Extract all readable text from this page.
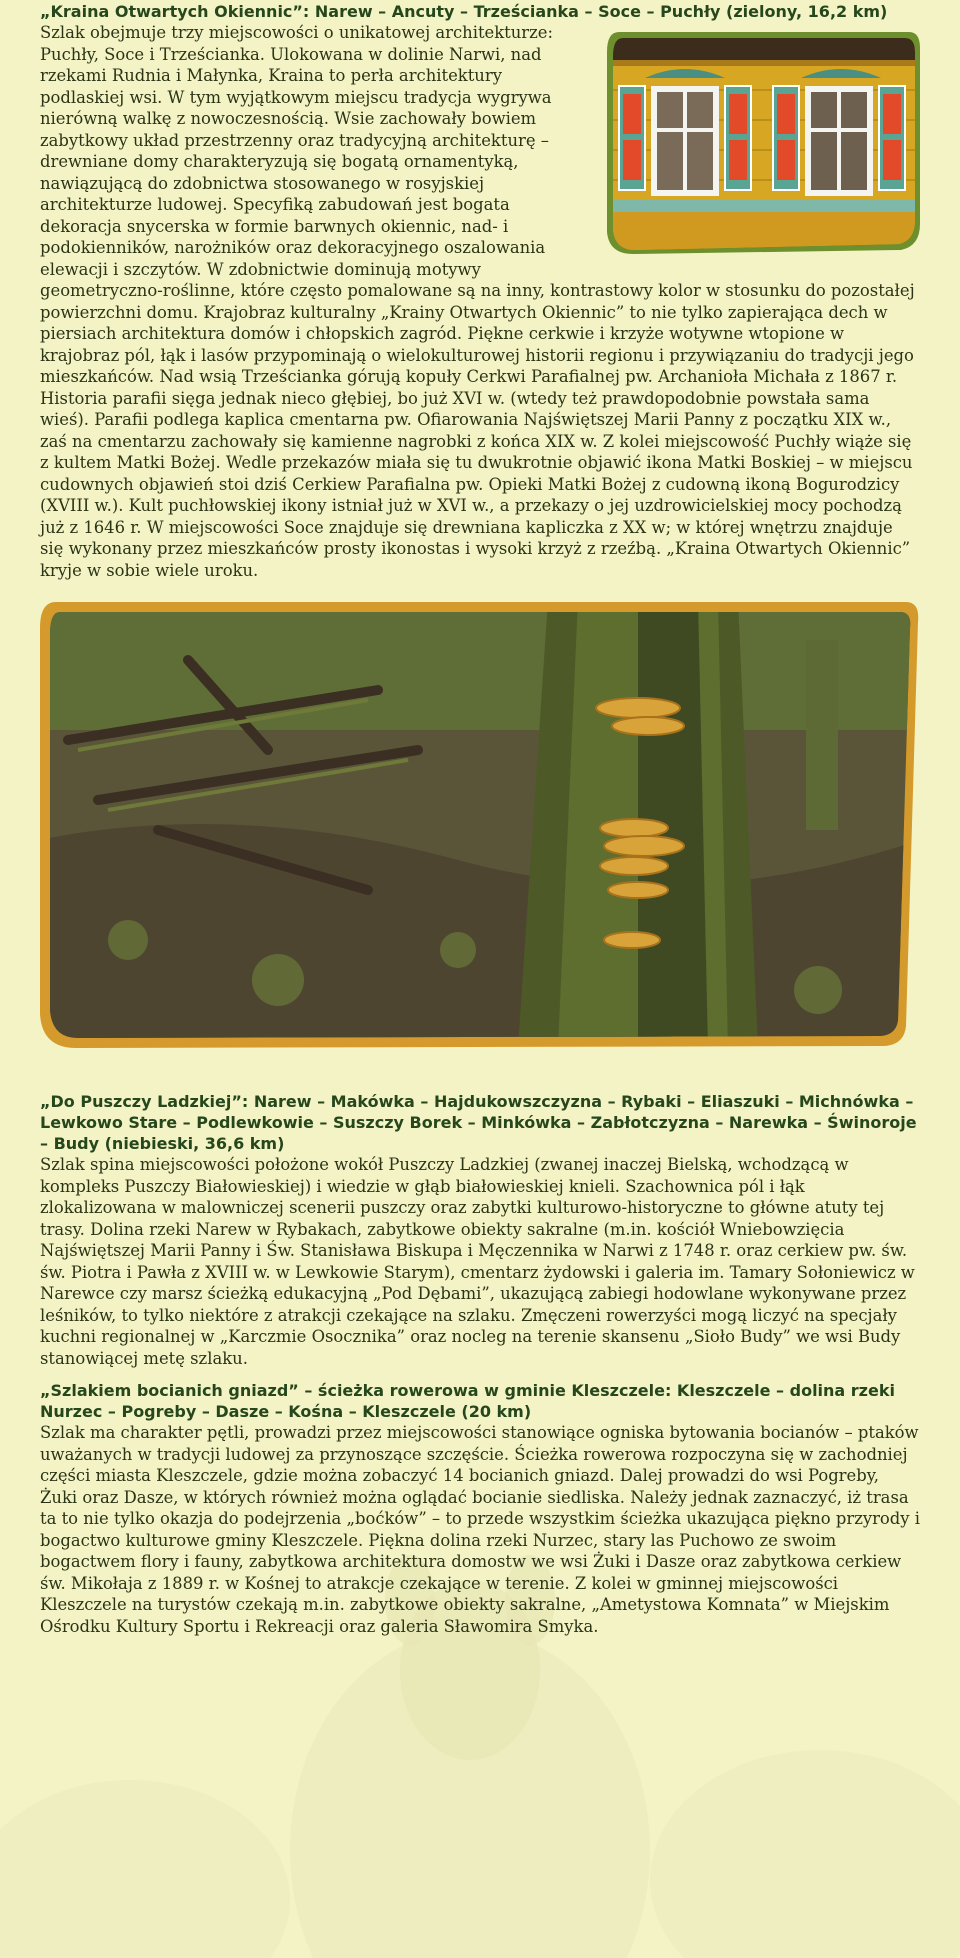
„Kraina Otwartych Okiennic”: Narew – Ancuty – Trześcianka – Soce – Puchły (zielony, 16,2 km)

Szlak obejmuje trzy miejscowości o unikatowej architekturze: Puchły, Soce i Trześcianka. Ulokowana w dolinie Narwi, nad rzekami Rudnia i Małynka, Kraina to perła architektury podlaskiej wsi. W tym wyjątkowym miejscu tradycja wygrywa nierówną walkę z nowoczesnością. Wsie zachowały bowiem zabytkowy układ przestrzenny oraz tradycyjną architekturę – drewniane domy charakteryzują się bogatą ornamentyką, nawiązującą do zdobnictwa stosowanego w rosyjskiej architekturze ludowej. Specyfiką zabudowań jest bogata dekoracja snycerska w formie barwnych okiennic, nad- i podokienników, narożników oraz dekoracyjnego oszalowania elewacji i szczytów. W zdobnictwie dominują motywy geometryczno-roślinne, które często pomalowane są na inny, kontrastowy kolor w stosunku do pozostałej powierzchni domu. Krajobraz kulturalny „Krainy Otwartych Okiennic” to nie tylko zapierająca dech w piersiach architektura domów i chłopskich zagród. Piękne cerkwie i krzyże wotywne wtopione w krajobraz pól, łąk i lasów przypominają o wielokulturowej historii regionu i przywiązaniu do tradycji jego mieszkańców. Nad wsią Trześcianka górują kopuły Cerkwi Parafialnej pw. Archanioła Michała z 1867 r. Historia parafii sięga jednak nieco głębiej, bo już XVI w. (wtedy też prawdopodobnie powstała sama wieś). Parafii podlega kaplica cmentarna pw. Ofiarowania Najświętszej Marii Panny z początku XIX w., zaś na cmentarzu zachowały się kamienne nagrobki z końca XIX w. Z kolei miejscowość Puchły wiąże się z kultem Matki Bożej. Wedle przekazów miała się tu dwukrotnie objawić ikona Matki Boskiej – w miejscu cudownych objawień stoi dziś Cerkiew Parafialna pw. Opieki Matki Bożej z cudowną ikoną Bogurodzicy (XVIII w.). Kult puchłowskiej ikony istniał już w XVI w., a przekazy o jej uzdrowicielskiej mocy pochodzą już z 1646 r. W miejscowości Soce znajduje się drewniana kapliczka z XX w; w której wnętrzu znajduje się wykonany przez mieszkańców prosty ikonostas i wysoki krzyż z rzeźbą. „Kraina Otwartych Okiennic” kryje w sobie wiele uroku.

„Do Puszczy Ladzkiej”: Narew – Makówka – Hajdukowszczyzna – Rybaki – Eliaszuki – Michnówka – Lewkowo Stare – Podlewkowie – Suszczy Borek – Minkówka – Zabłotczyzna – Narewka – Świnoroje – Budy (niebieski, 36,6 km)

Szlak spina miejscowości położone wokół Puszczy Ladzkiej (zwanej inaczej Bielską, wchodzącą w kompleks Puszczy Białowieskiej) i wiedzie w głąb białowieskiej knieli. Szachownica pól i łąk zlokalizowana w malowniczej scenerii puszczy oraz zabytki kulturowo-historyczne to główne atuty tej trasy. Dolina rzeki Narew w Rybakach, zabytkowe obiekty sakralne (m.in. kościół Wniebowzięcia Najświętszej Marii Panny i Św. Stanisława Biskupa i Męczennika w Narwi z 1748 r. oraz cerkiew pw. św. św. Piotra i Pawła z XVIII w. w Lewkowie Starym), cmentarz żydowski i galeria im. Tamary Sołoniewicz w Narewce czy marsz ścieżką edukacyjną „Pod Dębami”, ukazującą zabiegi hodowlane wykonywane przez leśników, to tylko niektóre z atrakcji czekające na szlaku. Zmęczeni rowerzyści mogą liczyć na specjały kuchni regionalnej w „Karczmie Osocznika” oraz nocleg na terenie skansenu „Sioło Budy” we wsi Budy stanowiącej metę szlaku.

„Szlakiem bocianich gniazd” – ścieżka rowerowa w gminie Kleszczele: Kleszczele – dolina rzeki Nurzec – Pogreby – Dasze – Kośna – Kleszczele (20 km)

Szlak ma charakter pętli, prowadzi przez miejscowości stanowiące ogniska bytowania bocianów – ptaków uważanych w tradycji ludowej za przynoszące szczęście. Ścieżka rowerowa rozpoczyna się w zachodniej części miasta Kleszczele, gdzie można zobaczyć 14 bocianich gniazd. Dalej prowadzi do wsi Pogreby, Żuki oraz Dasze, w których również można oglądać bocianie siedliska. Należy jednak zaznaczyć, iż trasa ta to nie tylko okazja do podejrzenia „boćków” – to przede wszystkim ścieżka ukazująca piękno przyrody i bogactwo kulturowe gminy Kleszczele. Piękna dolina rzeki Nurzec, stary las Puchowo ze swoim bogactwem flory i fauny, zabytkowa architektura domostw we wsi Żuki i Dasze oraz zabytkowa cerkiew św. Mikołaja z 1889 r. w Kośnej to atrakcje czekające w terenie. Z kolei w gminnej miejscowości Kleszczele na turystów czekają m.in. zabytkowe obiekty sakralne, „Ametystowa Komnata” w Miejskim Ośrodku Kultury Sportu i Rekreacji oraz galeria Sławomira Smyka.
